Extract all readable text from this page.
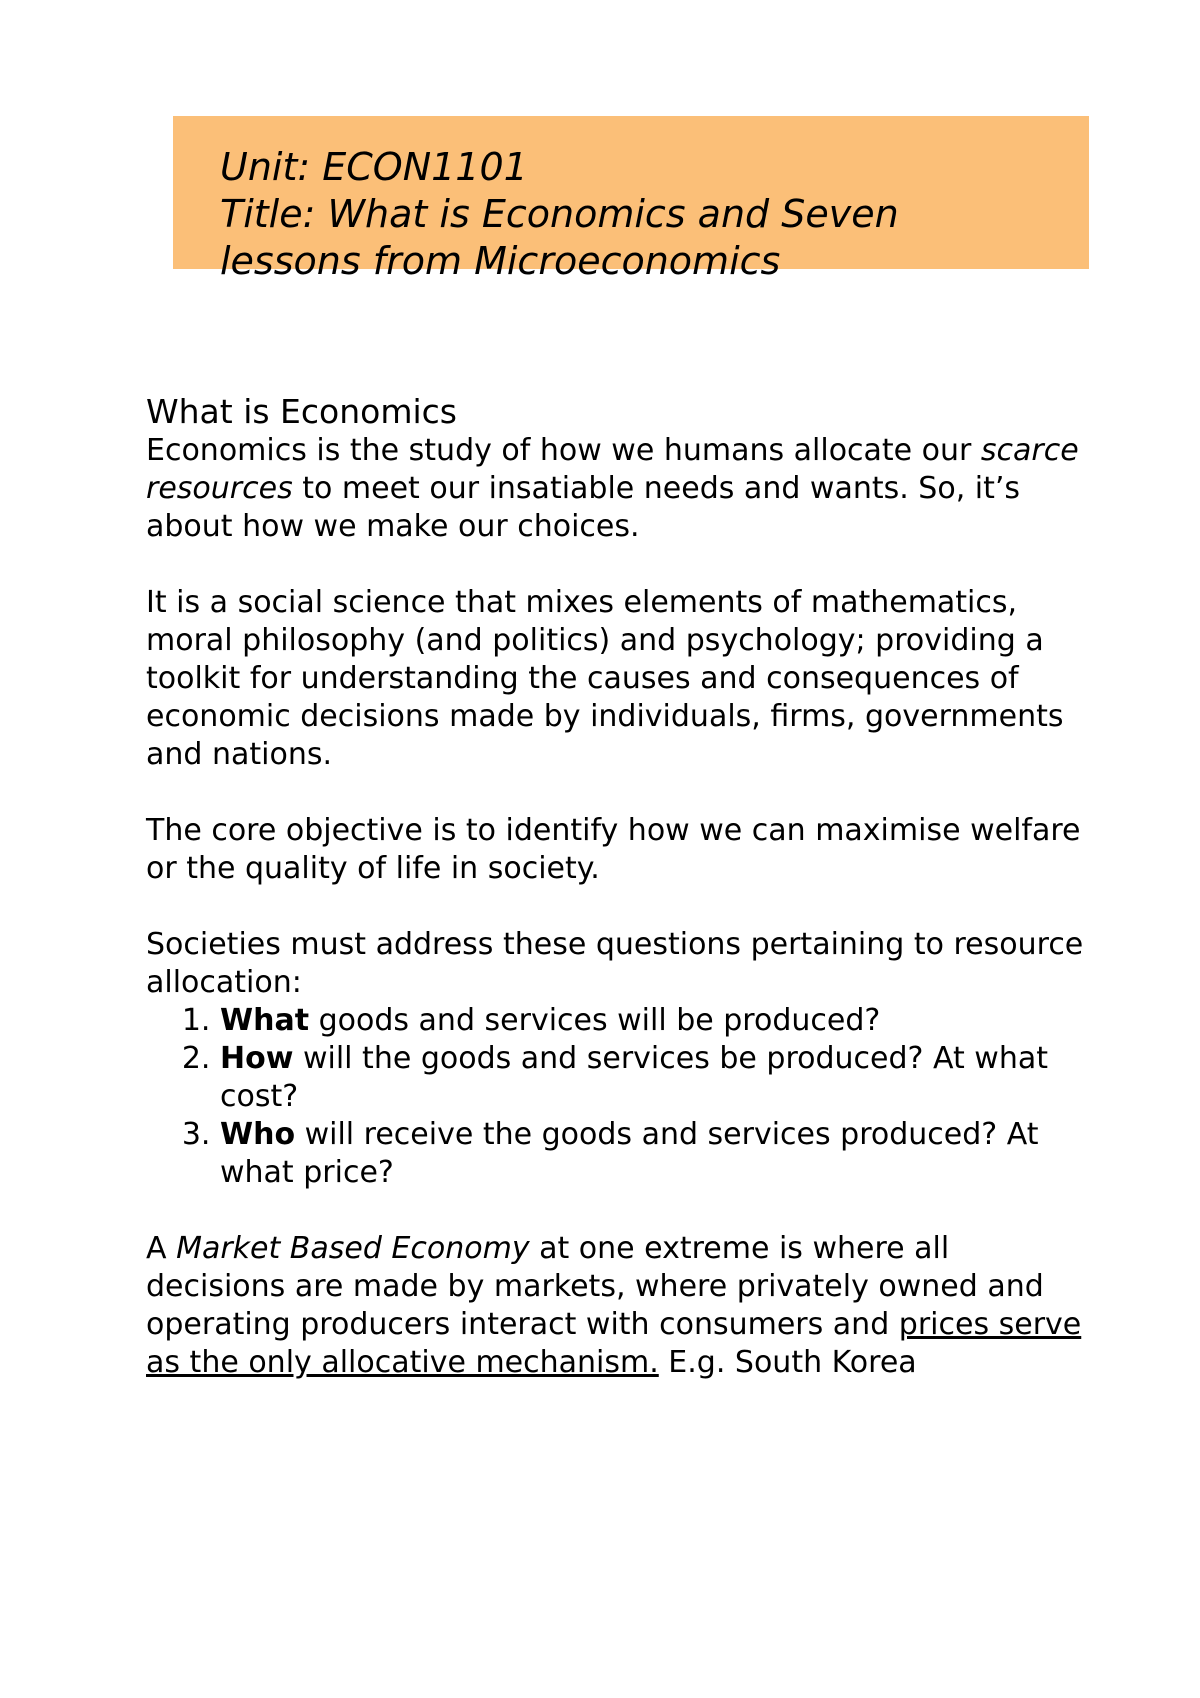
Unit: ECON1101
Title: What is Economics and Seven
lessons from Microeconomics
What is Economics

Economics is the study of how we humans allocate our scarce resources to meet our insatiable needs and wants. So, it’s about how we make our choices.

It is a social science that mixes elements of mathematics, moral philosophy (and politics) and psychology; providing a toolkit for understanding the causes and consequences of economic decisions made by individuals, firms, governments and nations.

The core objective is to identify how we can maximise welfare or the quality of life in society.

Societies must address these questions pertaining to resource allocation:

1. What goods and services will be produced?
2. How will the goods and services be produced? At what cost?
3. Who will receive the goods and services produced? At what price?

A Market Based Economy at one extreme is where all decisions are made by markets, where privately owned and operating producers interact with consumers and prices serve as the only allocative mechanism. E.g. South Korea
